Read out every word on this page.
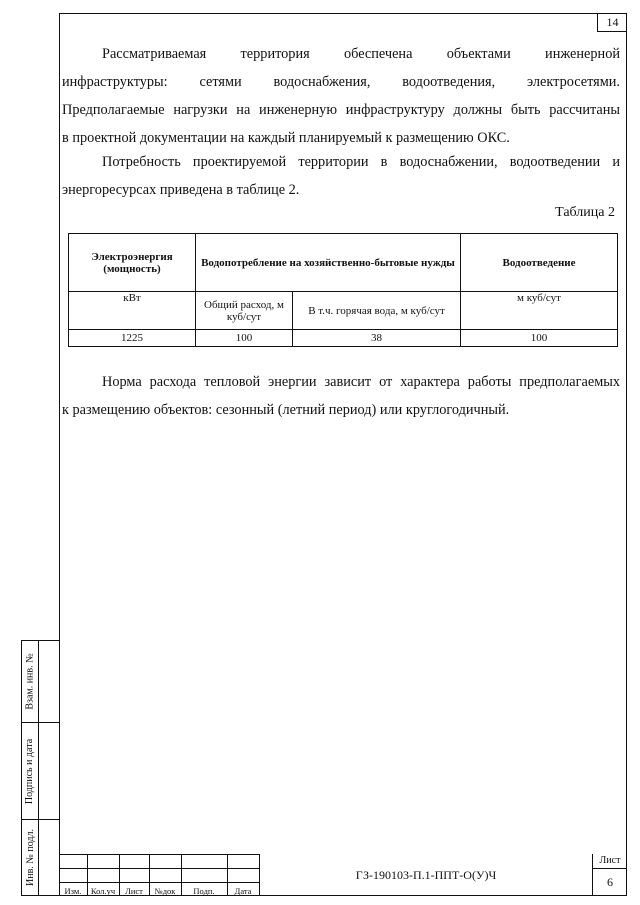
14
Рассматриваемая территория обеспечена объектами инженерной
инфраструктуры: сетями водоснабжения, водоотведения, электросетями.
Предполагаемые нагрузки на инженерную инфраструктуру должны быть рассчитаны
в проектной документации на каждый планируемый к размещению ОКС.
Потребность проектируемой территории в водоснабжении, водоотведении и
энергоресурсах приведена в таблице 2.
Таблица 2
Электроэнергия (мощность)	Водопотребление на хозяйственно-бытовые нужды		Водоотведение
кВт	Общий расход, м куб/сут	В т.ч. горячая вода, м куб/сут	м куб/сут
1225	100	38	100
Норма расхода тепловой энергии зависит от характера работы предполагаемых
к размещению объектов: сезонный (летний период) или круглогодичный.
Взам. инв. №
Подпись и дата
Инв. № подл.
Изм.	Кол.уч	Лист	№док	Подп.	Дата
ГЗ-190103-П.1-ППТ-О(У)Ч
Лист
6
